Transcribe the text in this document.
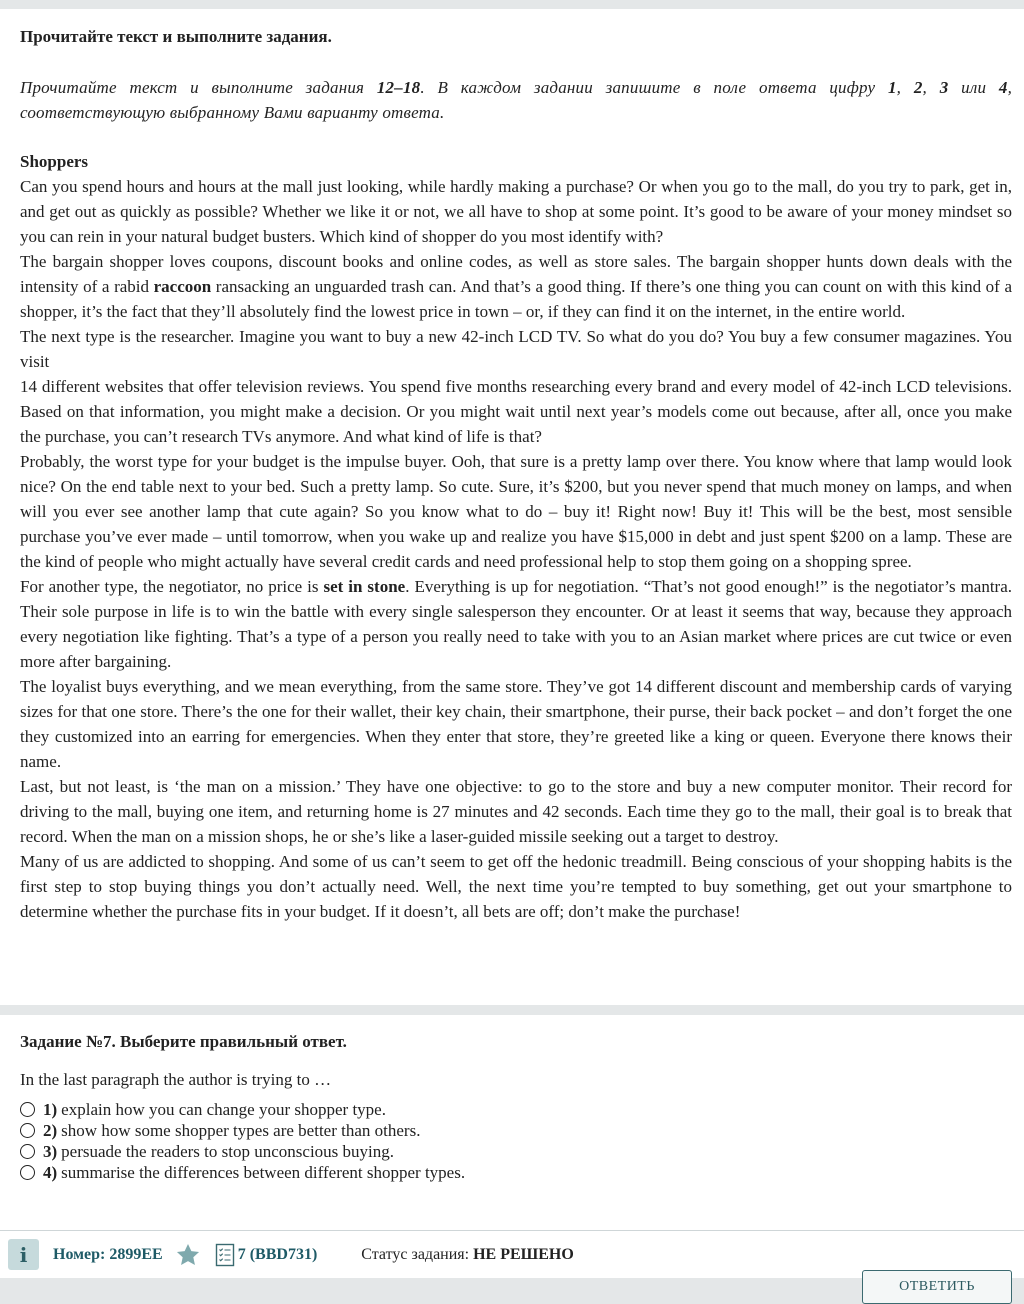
Прочитайте текст и выполните задания.

Прочитайте текст и выполните задания 12–18. В каждом задании запишите в поле ответа цифру 1, 2, 3 или 4, соответствующую выбранному Вами варианту ответа.

Shoppers

Can you spend hours and hours at the mall just looking, while hardly making a purchase? Or when you go to the mall, do you try to park, get in, and get out as quickly as possible? Whether we like it or not, we all have to shop at some point. It’s good to be aware of your money mindset so you can rein in your natural budget busters. Which kind of shopper do you most identify with?

The bargain shopper loves coupons, discount books and online codes, as well as store sales. The bargain shopper hunts down deals with the intensity of a rabid raccoon ransacking an unguarded trash can. And that’s a good thing. If there’s one thing you can count on with this kind of a shopper, it’s the fact that they’ll absolutely find the lowest price in town – or, if they can find it on the internet, in the entire world.

The next type is the researcher. Imagine you want to buy a new 42-inch LCD TV. So what do you do? You buy a few consumer magazines. You visit

14 different websites that offer television reviews. You spend five months researching every brand and every model of 42-inch LCD televisions. Based on that information, you might make a decision. Or you might wait until next year’s models come out because, after all, once you make the purchase, you can’t research TVs anymore. And what kind of life is that?

Probably, the worst type for your budget is the impulse buyer. Ooh, that sure is a pretty lamp over there. You know where that lamp would look nice? On the end table next to your bed. Such a pretty lamp. So cute. Sure, it’s $200, but you never spend that much money on lamps, and when will you ever see another lamp that cute again? So you know what to do – buy it! Right now! Buy it! This will be the best, most sensible purchase you’ve ever made – until tomorrow, when you wake up and realize you have $15,000 in debt and just spent $200 on a lamp. These are the kind of people who might actually have several credit cards and need professional help to stop them going on a shopping spree.

For another type, the negotiator, no price is set in stone. Everything is up for negotiation. “That’s not good enough!” is the negotiator’s mantra. Their sole purpose in life is to win the battle with every single salesperson they encounter. Or at least it seems that way, because they approach every negotiation like fighting. That’s a type of a person you really need to take with you to an Asian market where prices are cut twice or even more after bargaining.

The loyalist buys everything, and we mean everything, from the same store. They’ve got 14 different discount and membership cards of varying sizes for that one store. There’s the one for their wallet, their key chain, their smartphone, their purse, their back pocket – and don’t forget the one they customized into an earring for emergencies. When they enter that store, they’re greeted like a king or queen. Everyone there knows their name.

Last, but not least, is ‘the man on a mission.’ They have one objective: to go to the store and buy a new computer monitor. Their record for driving to the mall, buying one item, and returning home is 27 minutes and 42 seconds. Each time they go to the mall, their goal is to break that record. When the man on a mission shops, he or she’s like a laser-guided missile seeking out a target to destroy.

Many of us are addicted to shopping. And some of us can’t seem to get off the hedonic treadmill. Being conscious of your shopping habits is the first step to stop buying things you don’t actually need. Well, the next time you’re tempted to buy something, get out your smartphone to determine whether the purchase fits in your budget. If it doesn’t, all bets are off; don’t make the purchase!

Задание №7. Выберите правильный ответ.

In the last paragraph the author is trying to …
1) explain how you can change your shopper type.
2) show how some shopper types are better than others.
3) persuade the readers to stop unconscious buying.
4) summarise the differences between different shopper types.
i	Номер: 2899EE	7 (BBD731)	Статус задания: НЕ РЕШЕНО
ОТВЕТИТЬ
